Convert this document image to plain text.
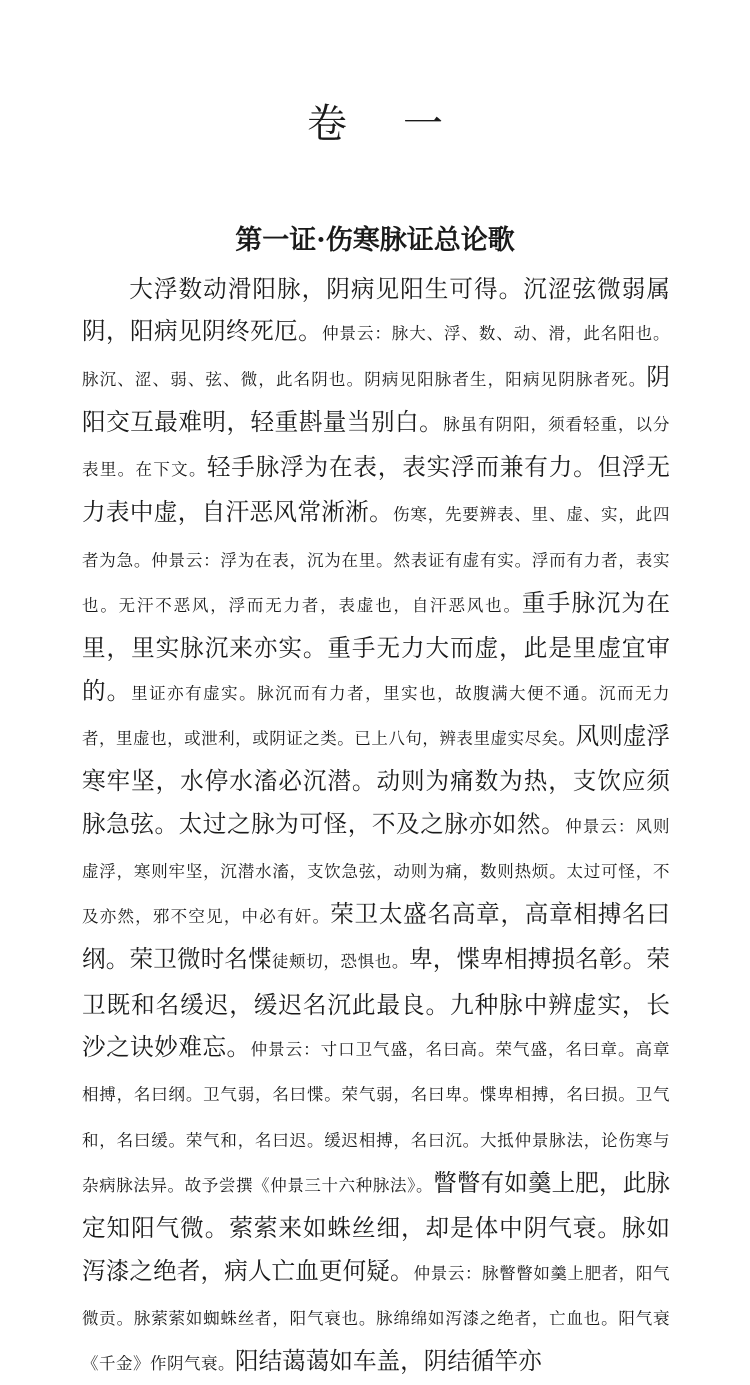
卷 一
第一证·伤寒脉证总论歌

大浮数动滑阳脉，阴病见阳生可得。沉涩弦微弱属阴，阳病见阴终死厄。仲景云：脉大、浮、数、动、滑，此名阳也。脉沉、涩、弱、弦、微，此名阴也。阴病见阳脉者生，阳病见阴脉者死。阴阳交互最难明，轻重斟量当别白。脉虽有阴阳，须看轻重，以分表里。在下文。轻手脉浮为在表，表实浮而兼有力。但浮无力表中虚，自汗恶风常淅淅。伤寒，先要辨表、里、虚、实，此四者为急。仲景云：浮为在表，沉为在里。然表证有虚有实。浮而有力者，表实也。无汗不恶风，浮而无力者，表虚也，自汗恶风也。重手脉沉为在里，里实脉沉来亦实。重手无力大而虚，此是里虚宜审的。里证亦有虚实。脉沉而有力者，里实也，故腹满大便不通。沉而无力者，里虚也，或泄利，或阴证之类。已上八句，辨表里虚实尽矣。风则虚浮寒牢坚，水停水滀必沉潜。动则为痛数为热，支饮应须脉急弦。太过之脉为可怪，不及之脉亦如然。仲景云：风则虚浮，寒则牢坚，沉潜水滀，支饮急弦，动则为痛，数则热烦。太过可怪，不及亦然，邪不空见，中必有奸。荣卫太盛名高章，高章相搏名曰纲。荣卫微时名惵徒颊切，恐惧也。卑，惵卑相搏损名彰。荣卫既和名缓迟，缓迟名沉此最良。九种脉中辨虚实，长沙之诀妙难忘。仲景云：寸口卫气盛，名曰高。荣气盛，名曰章。高章相搏，名曰纲。卫气弱，名曰惵。荣气弱，名曰卑。惵卑相搏，名曰损。卫气和，名曰缓。荣气和，名曰迟。缓迟相搏，名曰沉。大抵仲景脉法，论伤寒与杂病脉法异。故予尝撰《仲景三十六种脉法》。瞥瞥有如羹上肥，此脉定知阳气微。萦萦来如蛛丝细，却是体中阴气衰。脉如泻漆之绝者，病人亡血更何疑。仲景云：脉瞥瞥如羹上肥者，阳气微贡。脉萦萦如蜘蛛丝者，阳气衰也。脉绵绵如泻漆之绝者，亡血也。阳气衰《千金》作阴气衰。阳结蔼蔼如车盖，阴结循竿亦
